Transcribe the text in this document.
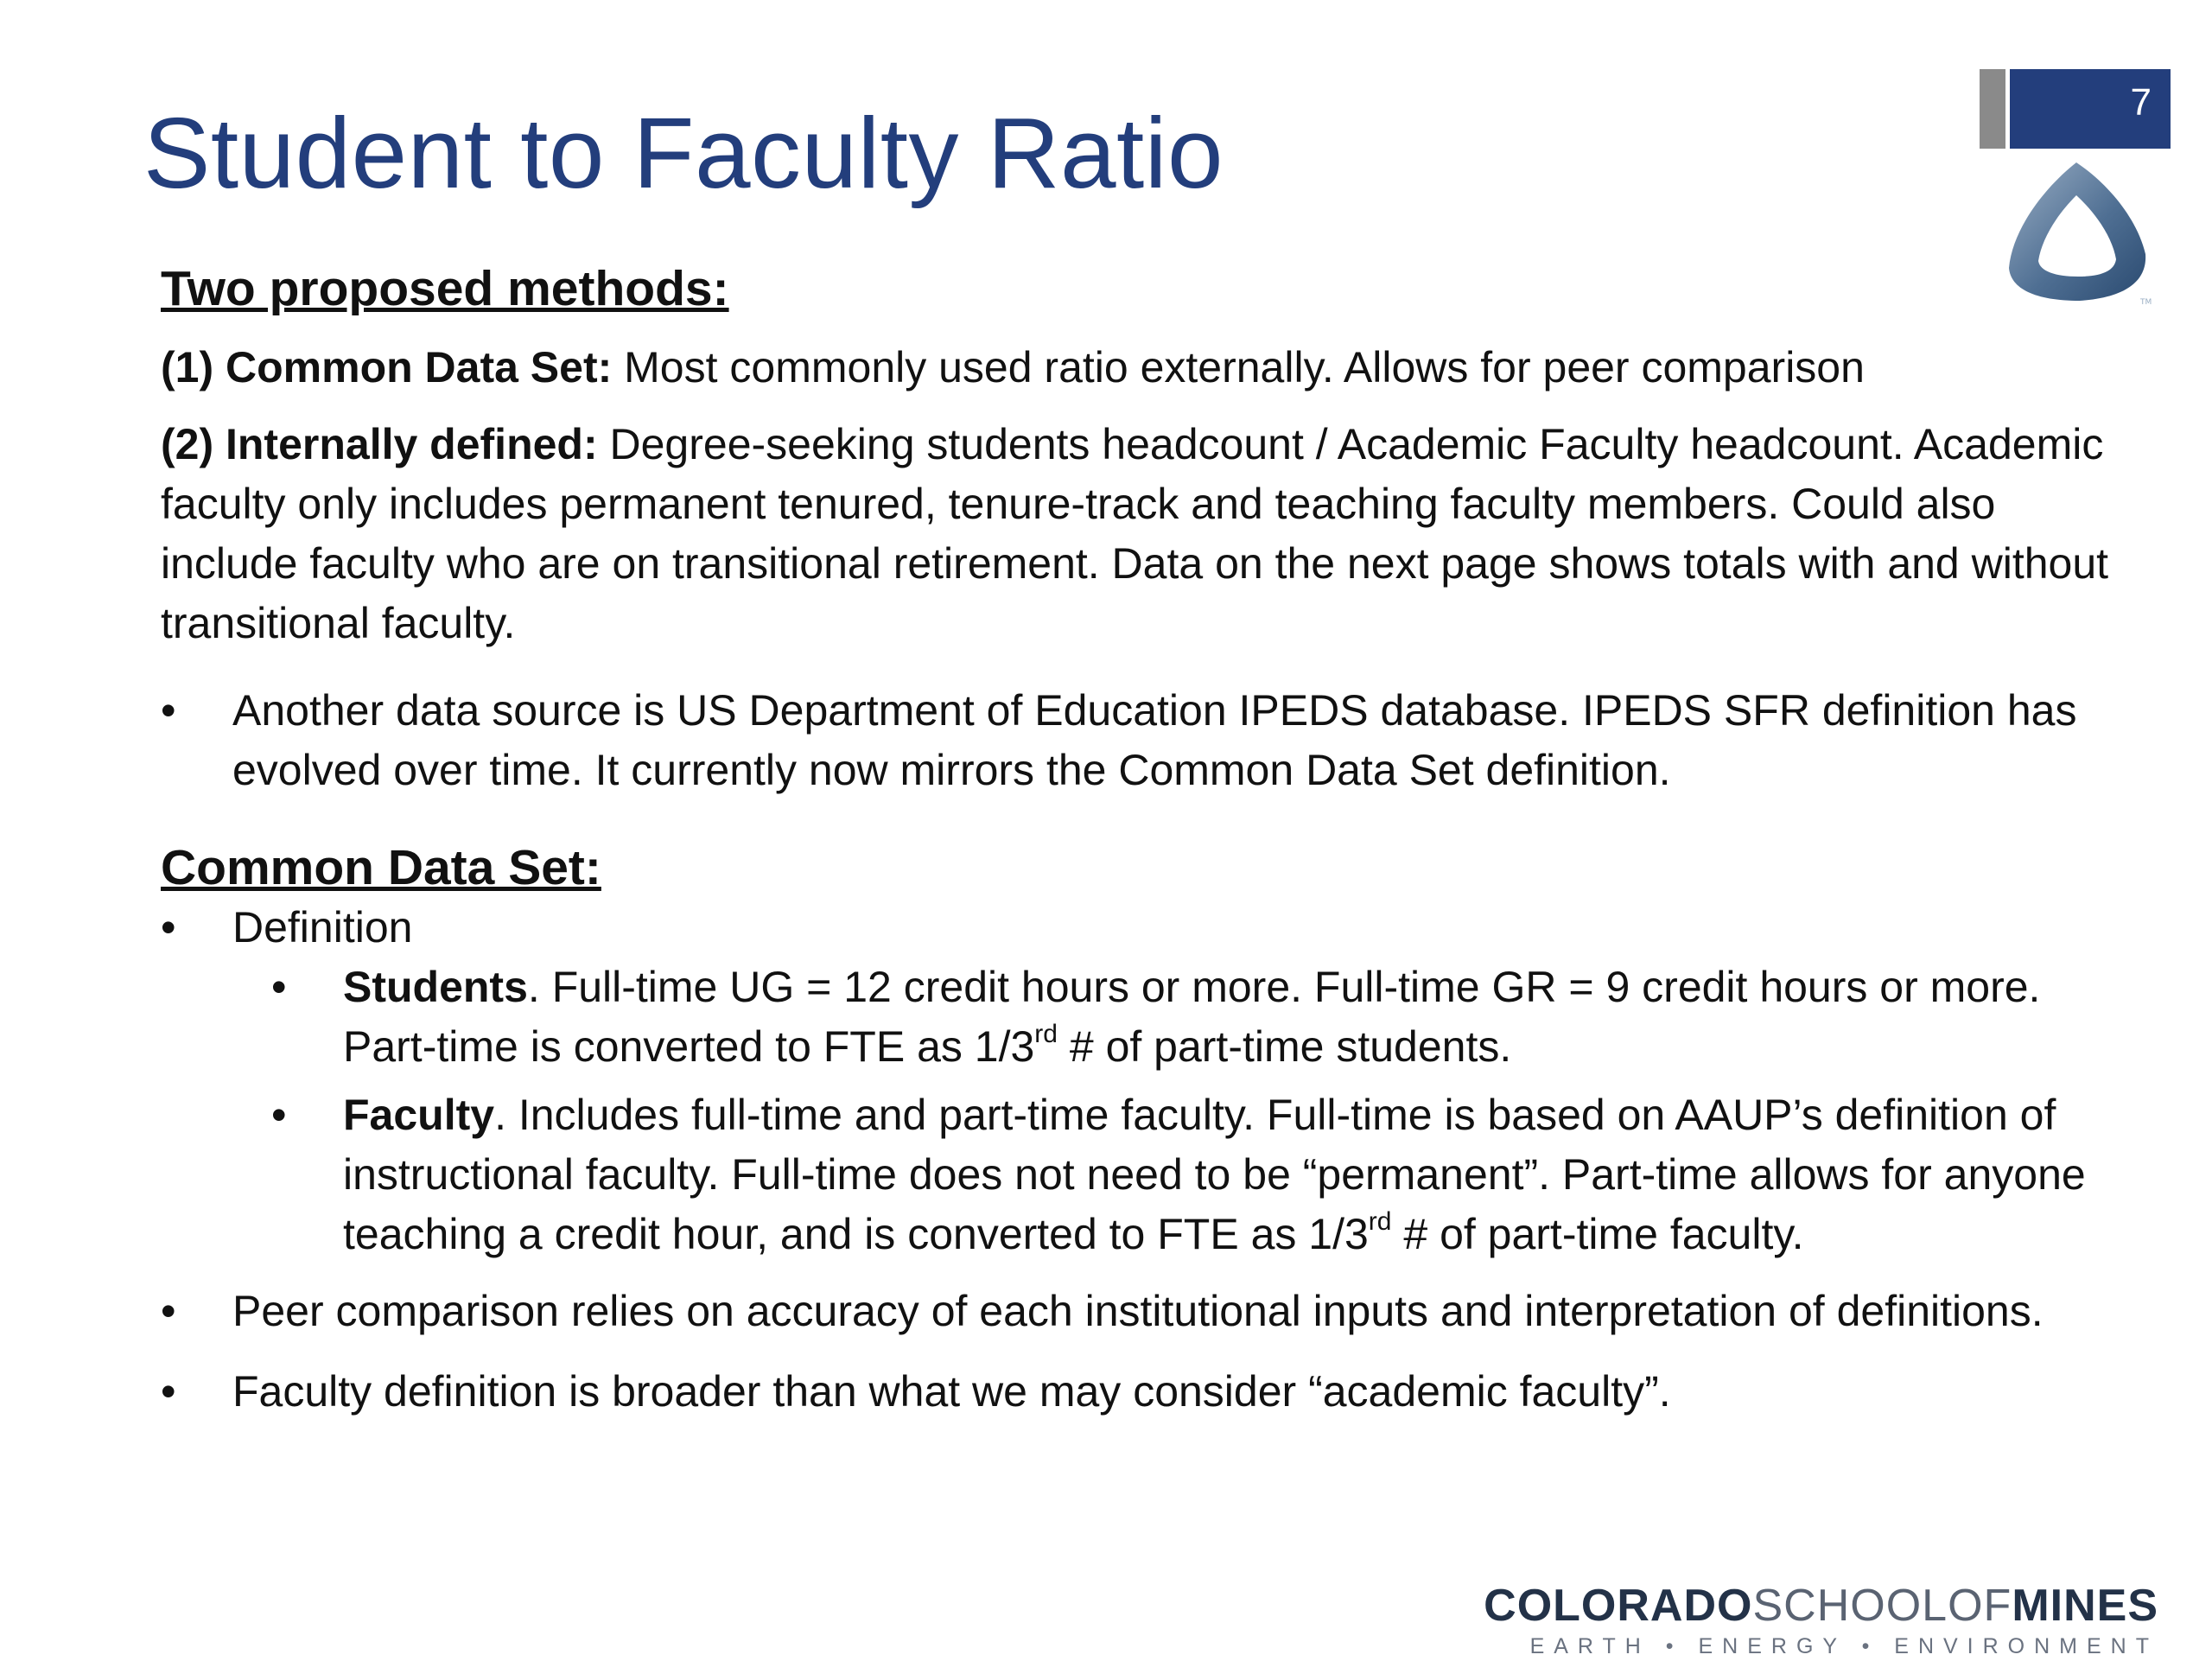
Student to Faculty Ratio	7
TM

Two proposed methods:

(1) Common Data Set: Most commonly used ratio externally. Allows for peer comparison

(2) Internally defined: Degree-seeking students headcount / Academic Faculty headcount. Academic faculty only includes permanent tenured, tenure-track and teaching faculty members. Could also include faculty who are on transitional retirement. Data on the next page shows totals with and without transitional faculty.

• Another data source is US Department of Education IPEDS database. IPEDS SFR definition has evolved over time. It currently now mirrors the Common Data Set definition.

Common Data Set:

• Definition
• Students. Full-time UG = 12 credit hours or more. Full-time GR = 9 credit hours or more. Part-time is converted to FTE as 1/3rd # of part-time students.
• Faculty. Includes full-time and part-time faculty. Full-time is based on AAUP’s definition of instructional faculty. Full-time does not need to be “permanent”. Part-time allows for anyone teaching a credit hour, and is converted to FTE as 1/3rd # of part-time faculty.
• Peer comparison relies on accuracy of each institutional inputs and interpretation of definitions.
• Faculty definition is broader than what we may consider “academic faculty”.
COLORADOSCHOOLOFMINES
EARTH • ENERGY • ENVIRONMENT
